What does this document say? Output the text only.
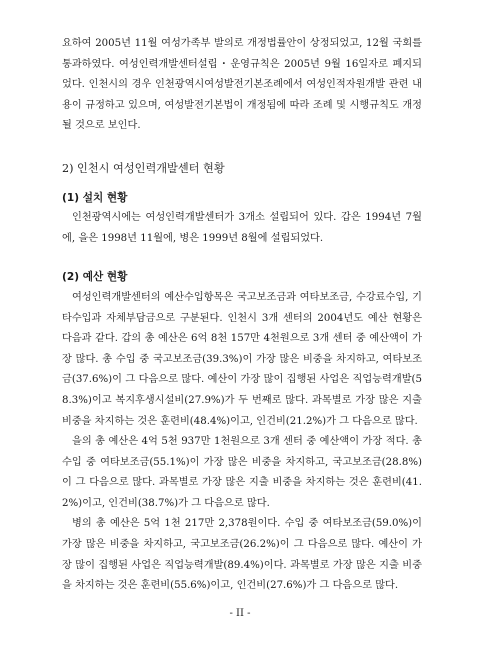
요하여 2005년 11월 여성가족부 발의로 개정법률안이 상정되었고, 12월 국회를 통과하였다. 여성인력개발센터설립・운영규칙은 2005년 9월 16일자로 폐지되었다. 인천시의 경우 인천광역시여성발전기본조례에서 여성인적자원개발 관련 내용이 규정하고 있으며, 여성발전기본법이 개정됨에 따라 조례 및 시행규칙도 개정될 것으로 보인다.

2) 인천시 여성인력개발센터 현황
(1) 설치 현황

인천광역시에는 여성인력개발센터가 3개소 설립되어 있다. 갑은 1994년 7월에, 을은 1998년 11월에, 병은 1999년 8월에 설립되었다.

(2) 예산 현황

여성인력개발센터의 예산수입항목은 국고보조금과 여타보조금, 수강료수입, 기타수입과 자체부담금으로 구분된다. 인천시 3개 센터의 2004년도 예산 현황은 다음과 같다. 갑의 총 예산은 6억 8천 157만 4천원으로 3개 센터 중 예산액이 가장 많다. 총 수입 중 국고보조금(39.3%)이 가장 많은 비중을 차지하고, 여타보조금(37.6%)이 그 다음으로 많다. 예산이 가장 많이 집행된 사업은 직업능력개발(58.3%)이고 복지후생시설비(27.9%)가 두 번째로 많다. 과목별로 가장 많은 지출 비중을 차지하는 것은 훈련비(48.4%)이고, 인건비(21.2%)가 그 다음으로 많다.

을의 총 예산은 4억 5천 937만 1천원으로 3개 센터 중 예산액이 가장 적다. 총 수입 중 여타보조금(55.1%)이 가장 많은 비중을 차지하고, 국고보조금(28.8%)이 그 다음으로 많다. 과목별로 가장 많은 지출 비중을 차지하는 것은 훈련비(41.2%)이고, 인건비(38.7%)가 그 다음으로 많다.

병의 총 예산은 5억 1천 217만 2,378원이다. 수입 중 여타보조금(59.0%)이 가장 많은 비중을 차지하고, 국고보조금(26.2%)이 그 다음으로 많다. 예산이 가장 많이 집행된 사업은 직업능력개발(89.4%)이다. 과목별로 가장 많은 지출 비중을 차지하는 것은 훈련비(55.6%)이고, 인건비(27.6%)가 그 다음으로 많다.

- II -
